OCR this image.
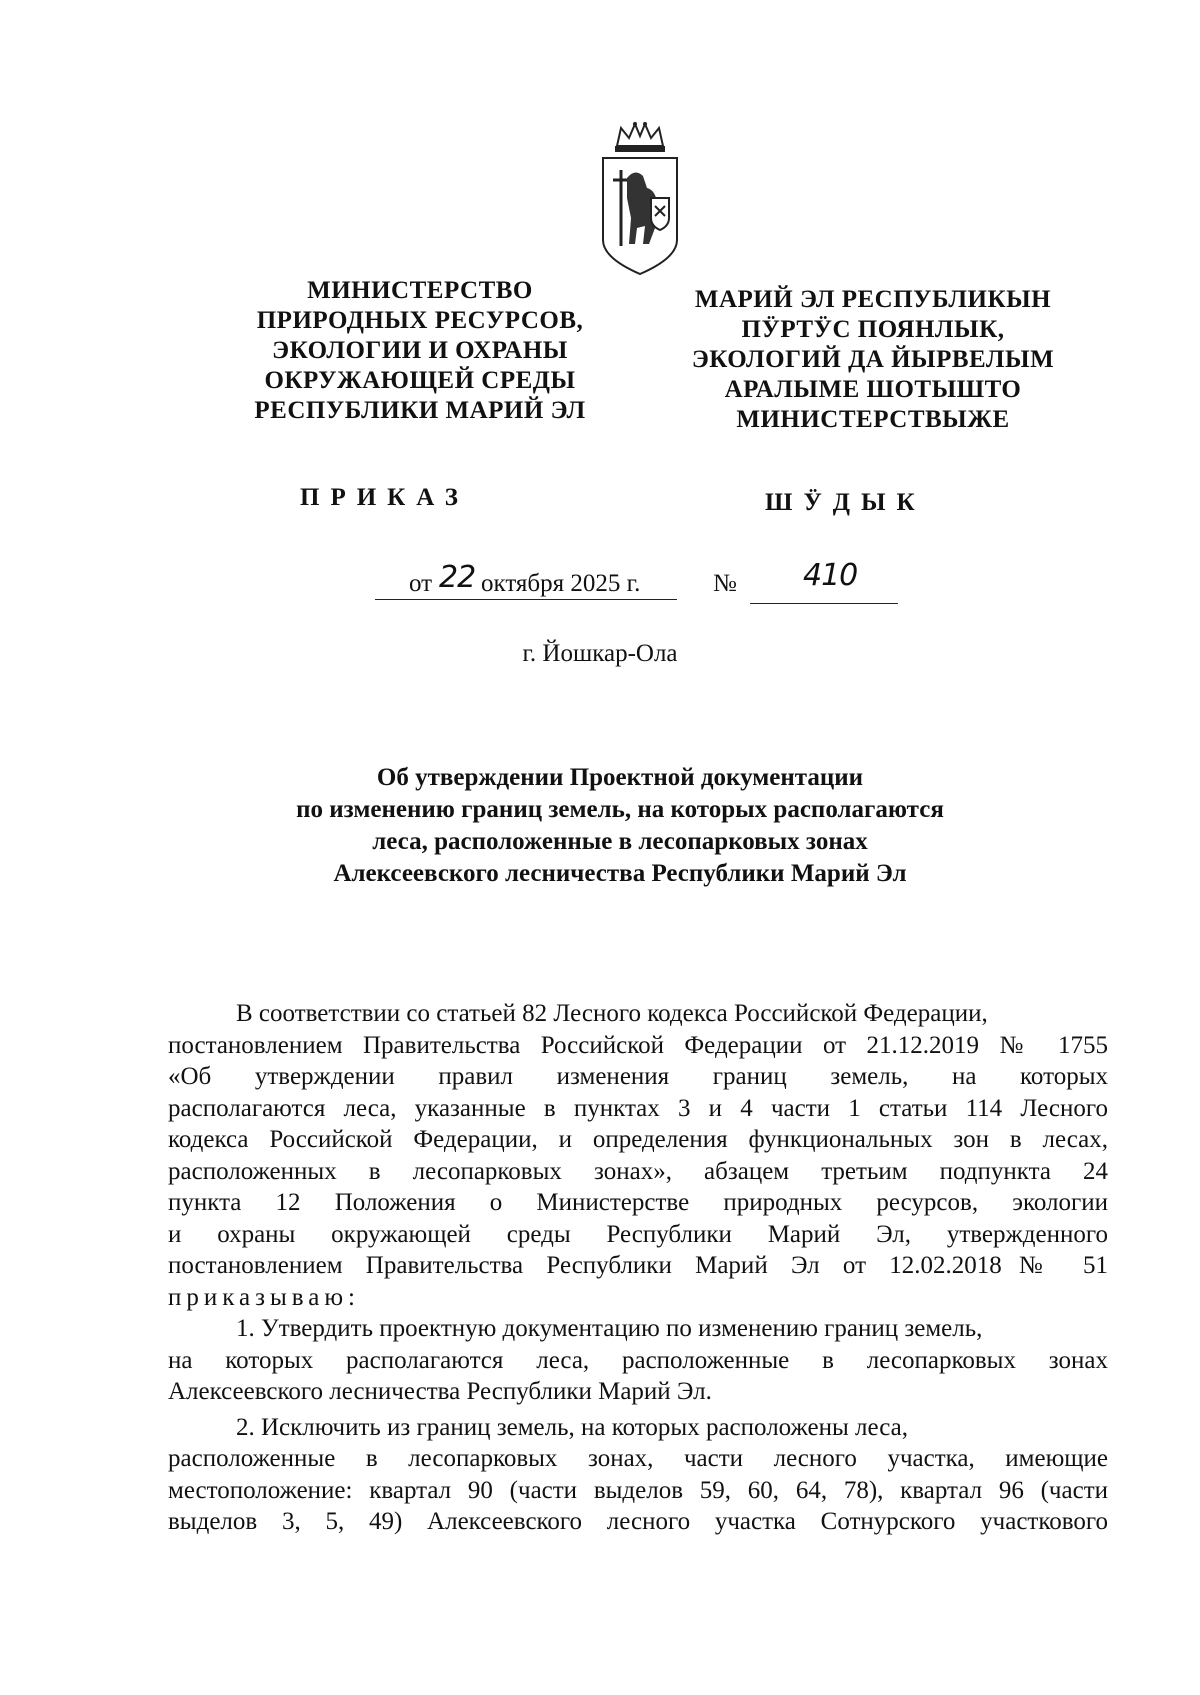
МИНИСТЕРСТВО
ПРИРОДНЫХ РЕСУРСОВ,
ЭКОЛОГИИ И ОХРАНЫ
ОКРУЖАЮЩЕЙ СРЕДЫ
РЕСПУБЛИКИ МАРИЙ ЭЛ
МАРИЙ ЭЛ РЕСПУБЛИКЫН
ПӰРТӰС ПОЯНЛЫК,
ЭКОЛОГИЙ ДА ЙЫРВЕЛЫМ
АРАЛЫМЕ ШОТЫШТО
МИНИСТЕРСТВЫЖЕ
ПРИКАЗ	ШӰДЫК
от 22 октября 2025 г.	№ 410
г. Йошкар-Ола
Об утверждении Проектной документации
по изменению границ земель, на которых располагаются
леса, расположенные в лесопарковых зонах
Алексеевского лесничества Республики Марий Эл
В соответствии со статьей 82 Лесного кодекса Российской Федерации,
постановлением Правительства Российской Федерации от 21.12.2019 № 1755
«Об утверждении правил изменения границ земель, на которых
располагаются леса, указанные в пунктах 3 и 4 части 1 статьи 114 Лесного
кодекса Российской Федерации, и определения функциональных зон в лесах,
расположенных в лесопарковых зонах», абзацем третьим подпункта 24
пункта 12 Положения о Министерстве природных ресурсов, экологии
и охраны окружающей среды Республики Марий Эл, утвержденного
постановлением Правительства Республики Марий Эл от 12.02.2018№ 51
приказываю:
1. Утвердить проектную документацию по изменению границ земель,
на которых располагаются леса, расположенные в лесопарковых зонах
Алексеевского лесничества Республики Марий Эл.
2. Исключить из границ земель, на которых расположены леса,
расположенные в лесопарковых зонах, части лесного участка, имеющие
местоположение: квартал 90 (части выделов 59, 60, 64, 78), квартал 96 (части
выделов 3, 5, 49) Алексеевского лесного участка Сотнурского участкового
